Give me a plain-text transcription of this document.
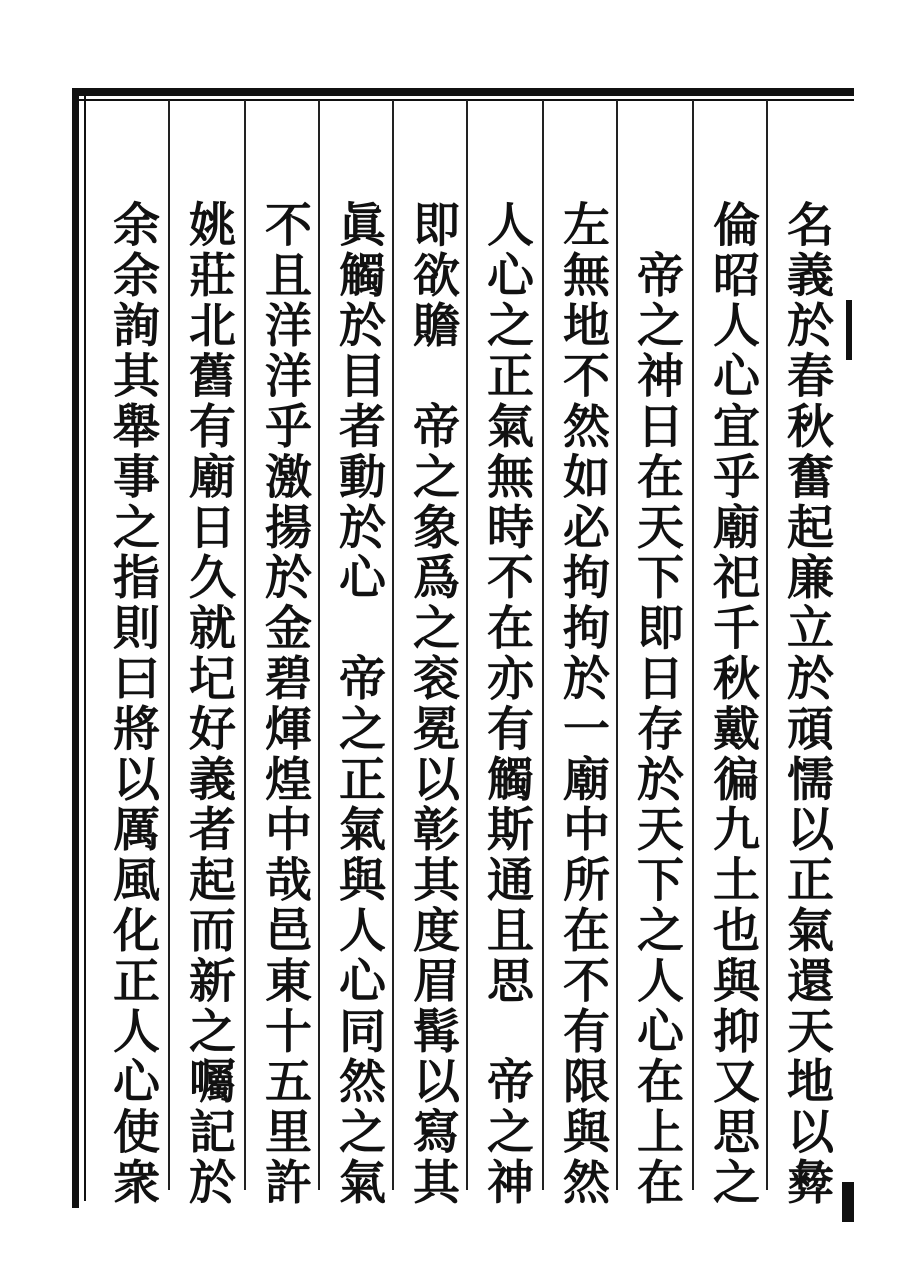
名義於春秋奮起廉立於頑懦以正氣還天地以彜
倫昭人心宜乎廟祀千秋戴徧九土也與抑又思之
　帝之神日在天下即日存於天下之人心在上在
左無地不然如必拘拘於一廟中所在不有限與然
人心之正氣無時不在亦有觸斯通且思　帝之神
即欲贍　帝之象爲之衮冕以彰其度眉髯以寫其
眞觸於目者動於心　帝之正氣與人心同然之氣
不且洋洋乎激揚於金碧煇煌中哉邑東十五里許
姚莊北舊有廟日久就圮好義者起而新之囑記於
余余詢其舉事之指則曰將以厲風化正人心使衆
